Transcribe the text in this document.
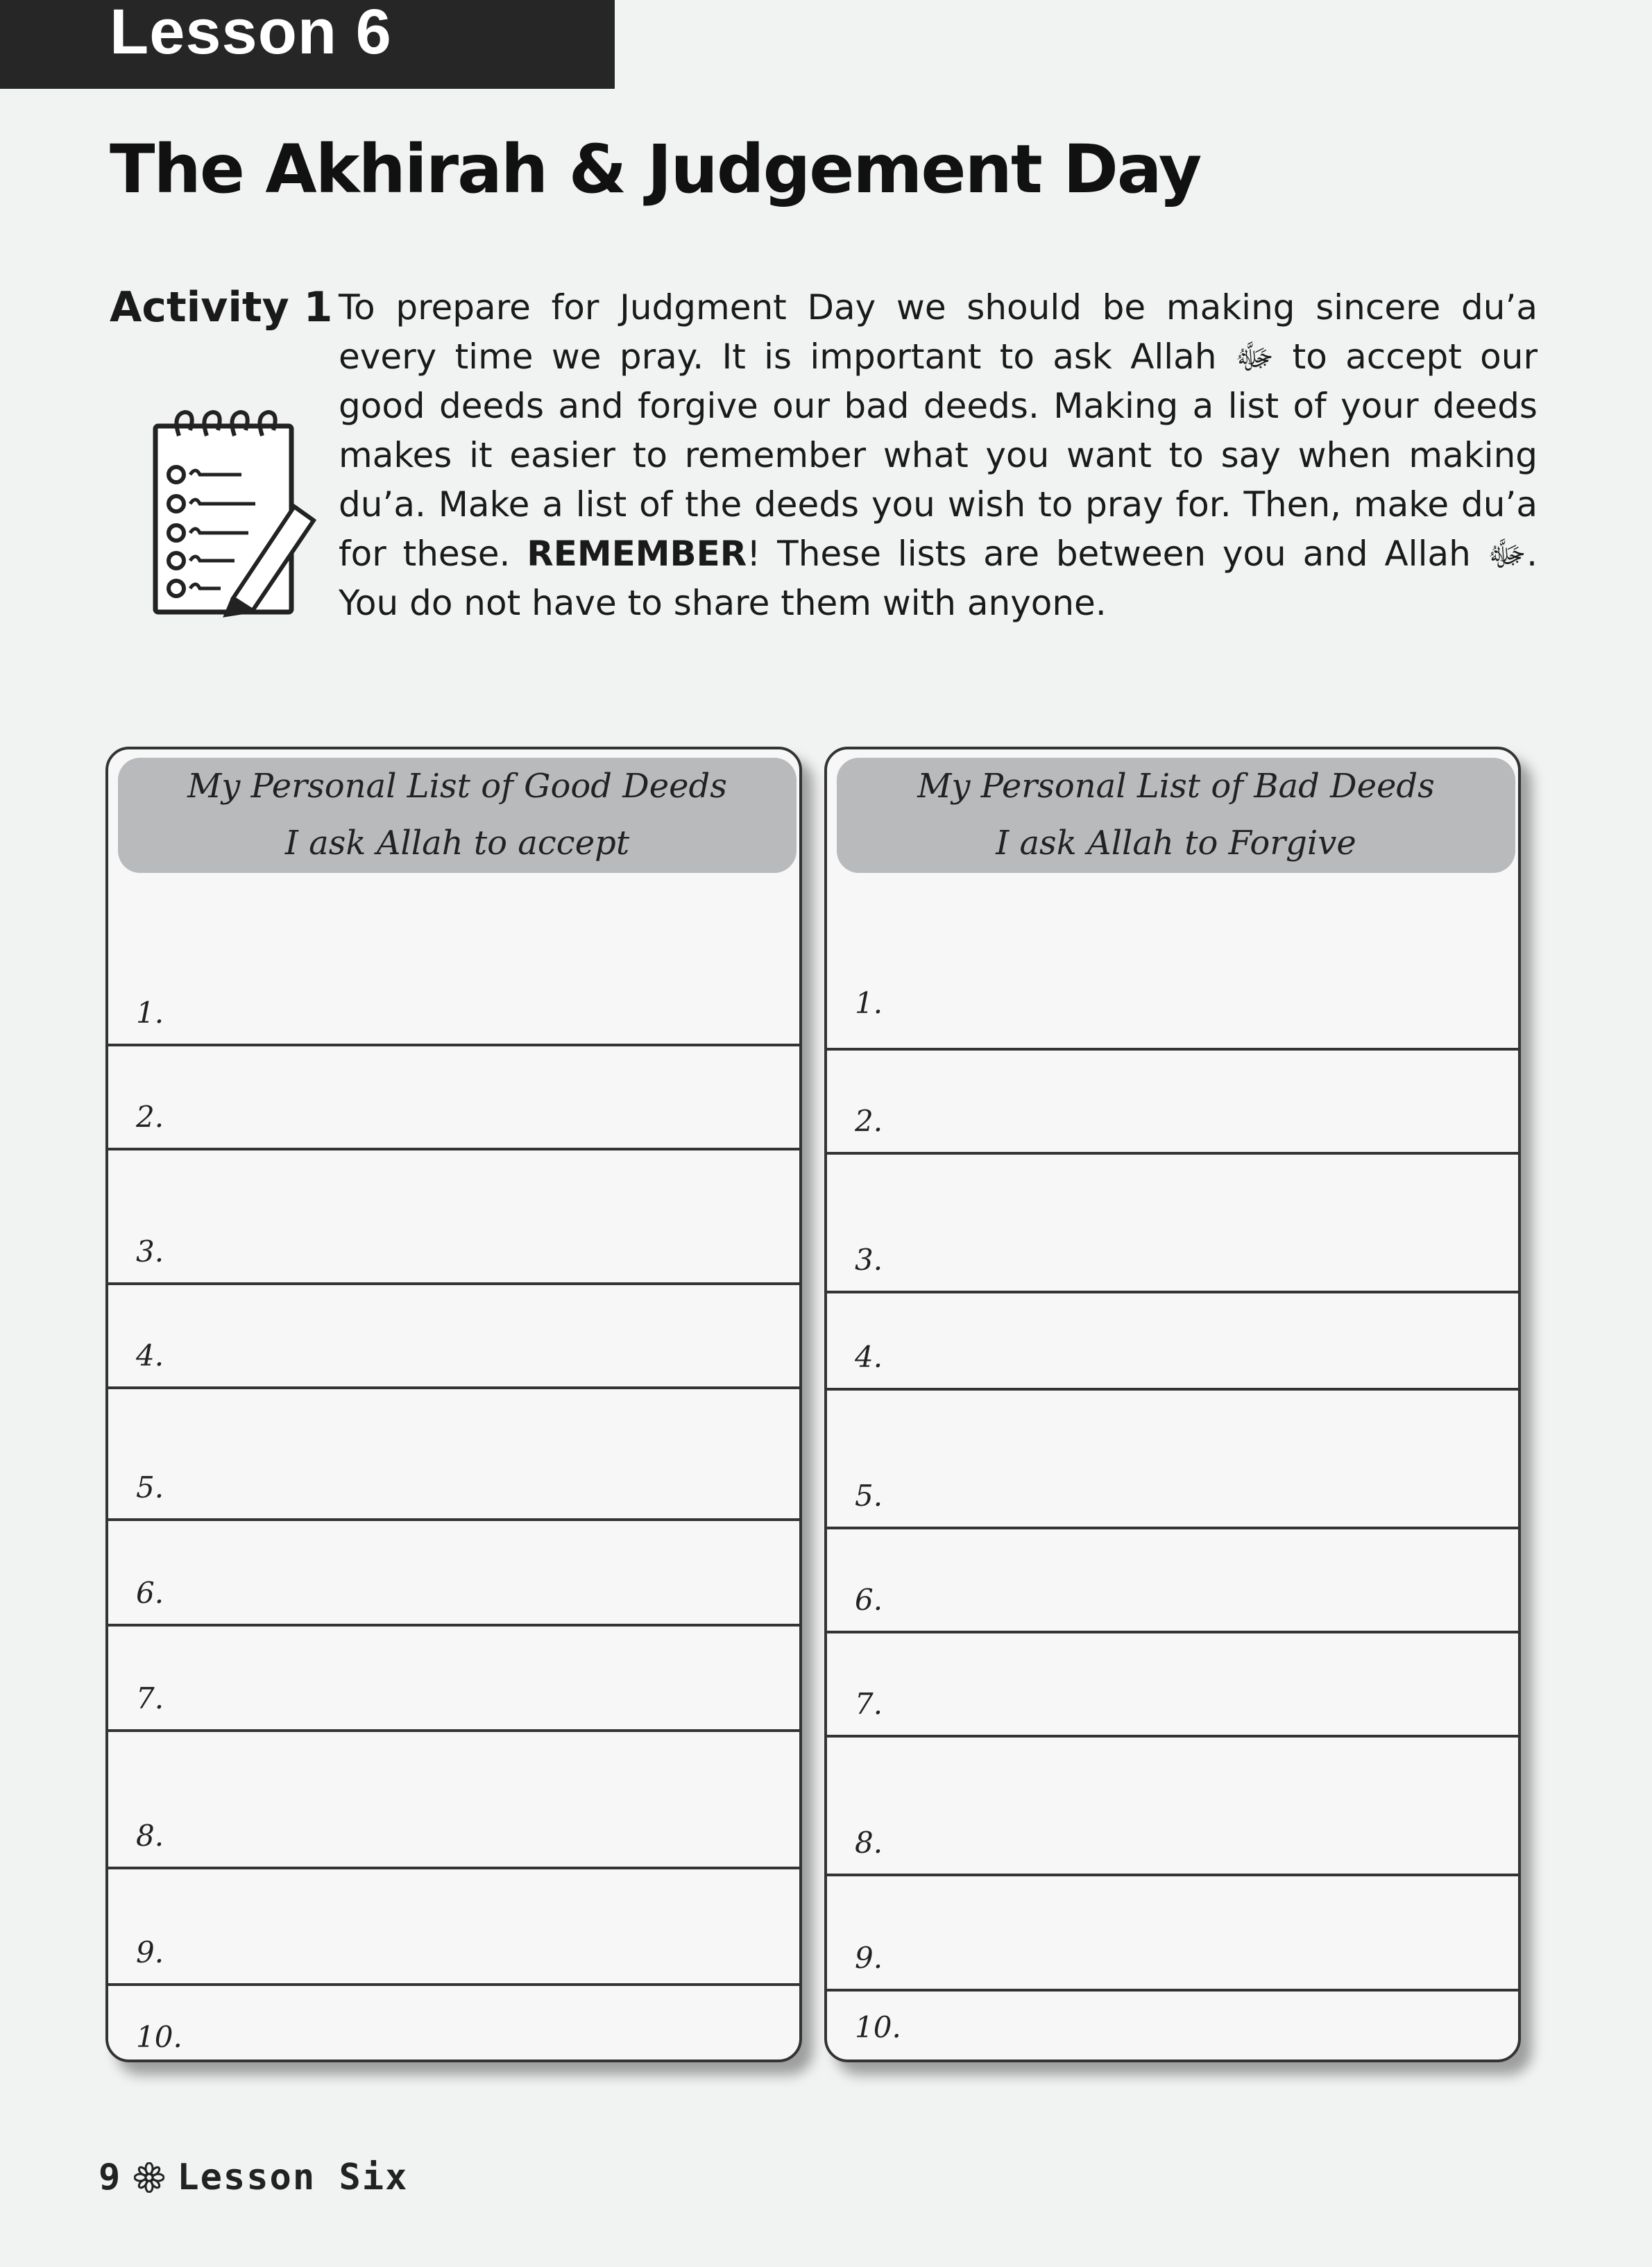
Lesson 6
The Akhirah & Judgement Day
Activity 1 To prepare for Judgment Day we should be making sincere du’a every time we pray. It is important to ask Allah ﷻ to accept our good deeds and forgive our bad deeds. Making a list of your deeds makes it easier to remember what you want to say when making du’a. Make a list of the deeds you wish to pray for. Then, make du’a for these. REMEMBER! These lists are between you and Allah ﷻ. You do not have to share them with anyone.

My Personal List of Good Deeds
I ask Allah to accept
1.
2.
3.
4.
5.
6.
7.
8.
9.
10.
My Personal List of Bad Deeds
I ask Allah to Forgive
1.
2.
3.
4.
5.
6.
7.
8.
9.
10.
9 Lesson Six
